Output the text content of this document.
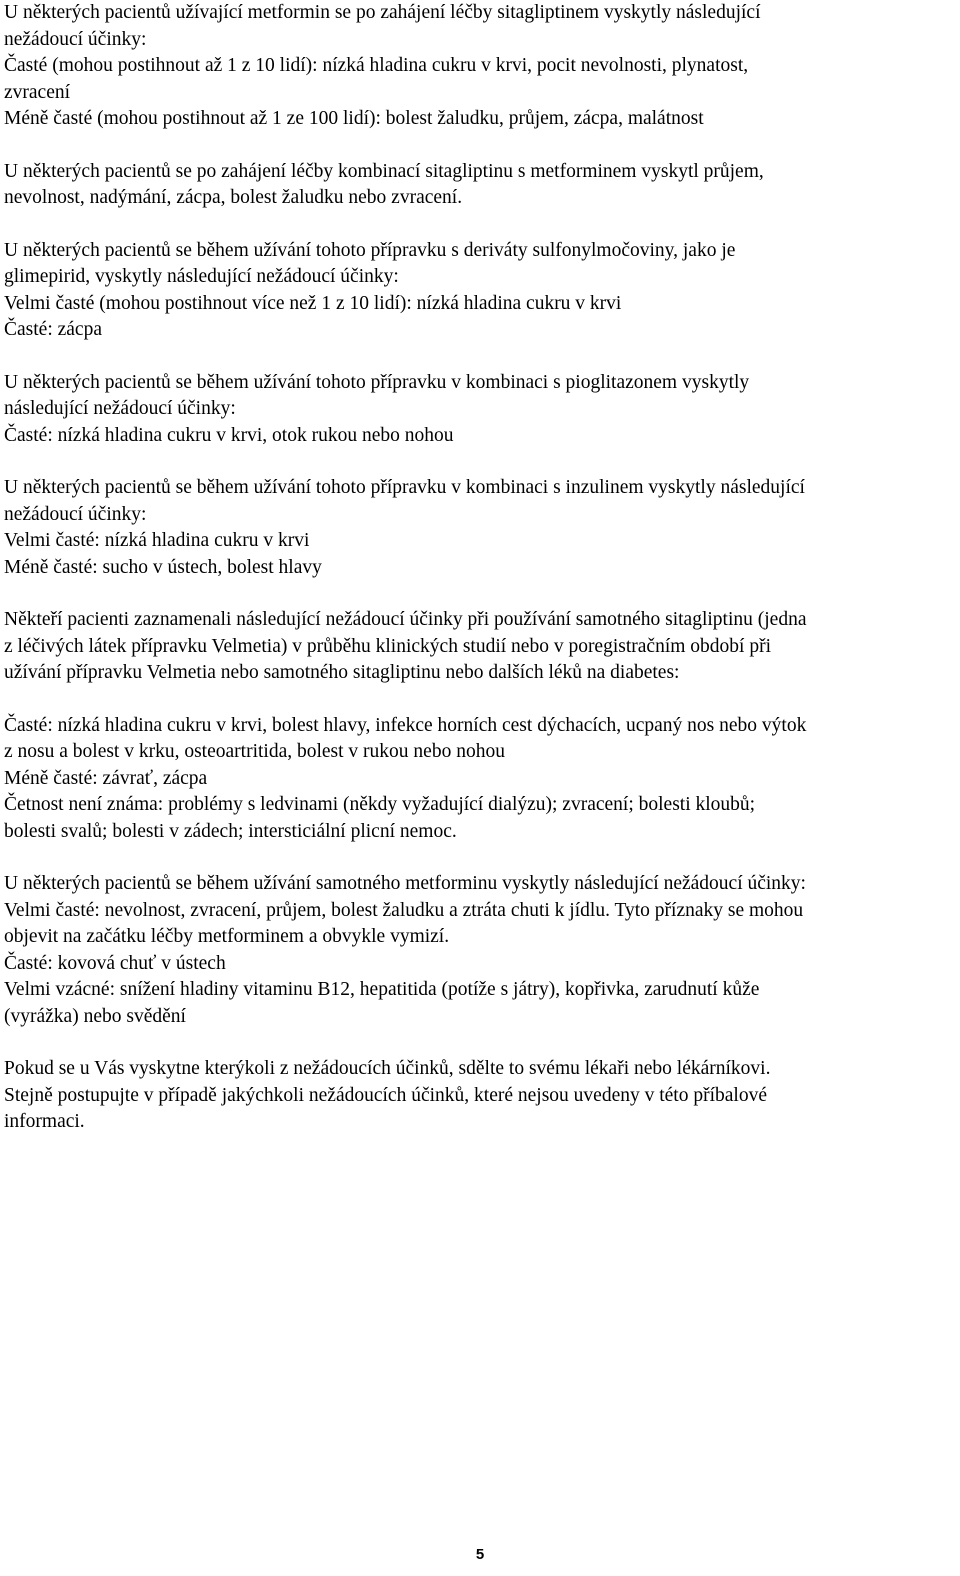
U některých pacientů užívající metformin se po zahájení léčby sitagliptinem vyskytly následující
nežádoucí účinky:
Časté (mohou postihnout až 1 z 10 lidí): nízká hladina cukru v krvi, pocit nevolnosti, plynatost,
zvracení
Méně časté (mohou postihnout až 1 ze 100 lidí): bolest žaludku, průjem, zácpa, malátnost
U některých pacientů se po zahájení léčby kombinací sitagliptinu s metforminem vyskytl průjem,
nevolnost, nadýmání, zácpa, bolest žaludku nebo zvracení.
U některých pacientů se během užívání tohoto přípravku s deriváty sulfonylmočoviny, jako je
glimepirid, vyskytly následující nežádoucí účinky:
Velmi časté (mohou postihnout více než 1 z 10 lidí): nízká hladina cukru v krvi
Časté: zácpa
U některých pacientů se během užívání tohoto přípravku v kombinaci s pioglitazonem vyskytly
následující nežádoucí účinky:
Časté: nízká hladina cukru v krvi, otok rukou nebo nohou
U některých pacientů se během užívání tohoto přípravku v kombinaci s inzulinem vyskytly následující
nežádoucí účinky:
Velmi časté: nízká hladina cukru v krvi
Méně časté: sucho v ústech, bolest hlavy
Někteří pacienti zaznamenali následující nežádoucí účinky při používání samotného sitagliptinu (jedna
z léčivých látek přípravku Velmetia) v průběhu klinických studií nebo v poregistračním období při
užívání přípravku Velmetia nebo samotného sitagliptinu nebo dalších léků na diabetes:
Časté: nízká hladina cukru v krvi, bolest hlavy, infekce horních cest dýchacích, ucpaný nos nebo výtok
z nosu a bolest v krku, osteoartritida, bolest v rukou nebo nohou
Méně časté: závrať, zácpa
Četnost není známa: problémy s ledvinami (někdy vyžadující dialýzu); zvracení; bolesti kloubů;
bolesti svalů; bolesti v zádech; intersticiální plicní nemoc.
U některých pacientů se během užívání samotného metforminu vyskytly následující nežádoucí účinky:
Velmi časté: nevolnost, zvracení, průjem, bolest žaludku a ztráta chuti k jídlu. Tyto příznaky se mohou
objevit na začátku léčby metforminem a obvykle vymizí.
Časté: kovová chuť v ústech
Velmi vzácné: snížení hladiny vitaminu B12, hepatitida (potíže s játry), kopřivka, zarudnutí kůže
(vyrážka) nebo svědění
Pokud se u Vás vyskytne kterýkoli z nežádoucích účinků, sdělte to svému lékaři nebo lékárníkovi.
Stejně postupujte v případě jakýchkoli nežádoucích účinků, které nejsou uvedeny v této příbalové
informaci.
5
